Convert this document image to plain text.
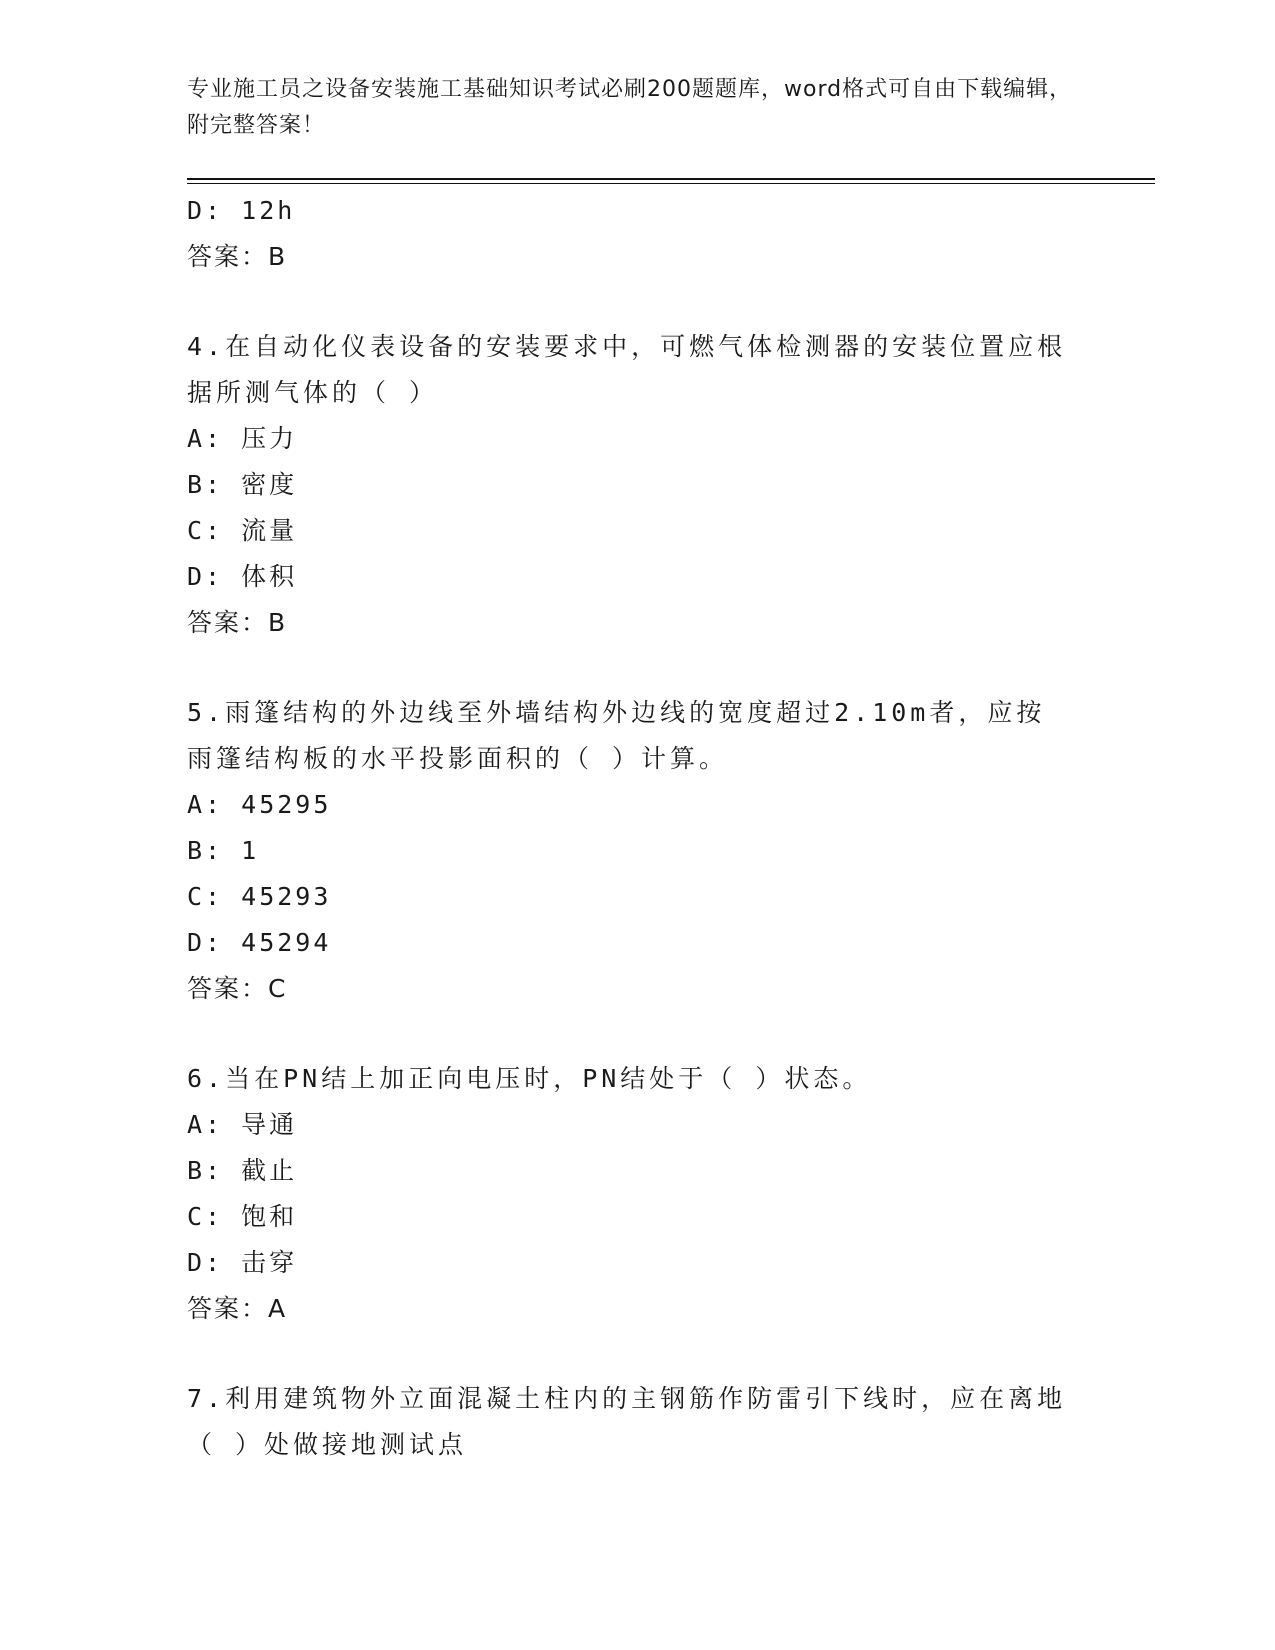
专业施工员之设备安装施工基础知识考试必刷200题题库，word格式可自由下载编辑，附完整答案！
D: 12h
答案：B
4.在自动化仪表设备的安装要求中，可燃气体检测器的安装位置应根据所测气体的（ ）
A: 压力
B: 密度
C: 流量
D: 体积
答案：B
5.雨篷结构的外边线至外墙结构外边线的宽度超过2.10m者，应按雨篷结构板的水平投影面积的（ ）计算。
A: 45295
B: 1
C: 45293
D: 45294
答案：C
6.当在PN结上加正向电压时，PN结处于（ ）状态。
A: 导通
B: 截止
C: 饱和
D: 击穿
答案：A
7.利用建筑物外立面混凝土柱内的主钢筋作防雷引下线时，应在离地（ ）处做接地测试点
